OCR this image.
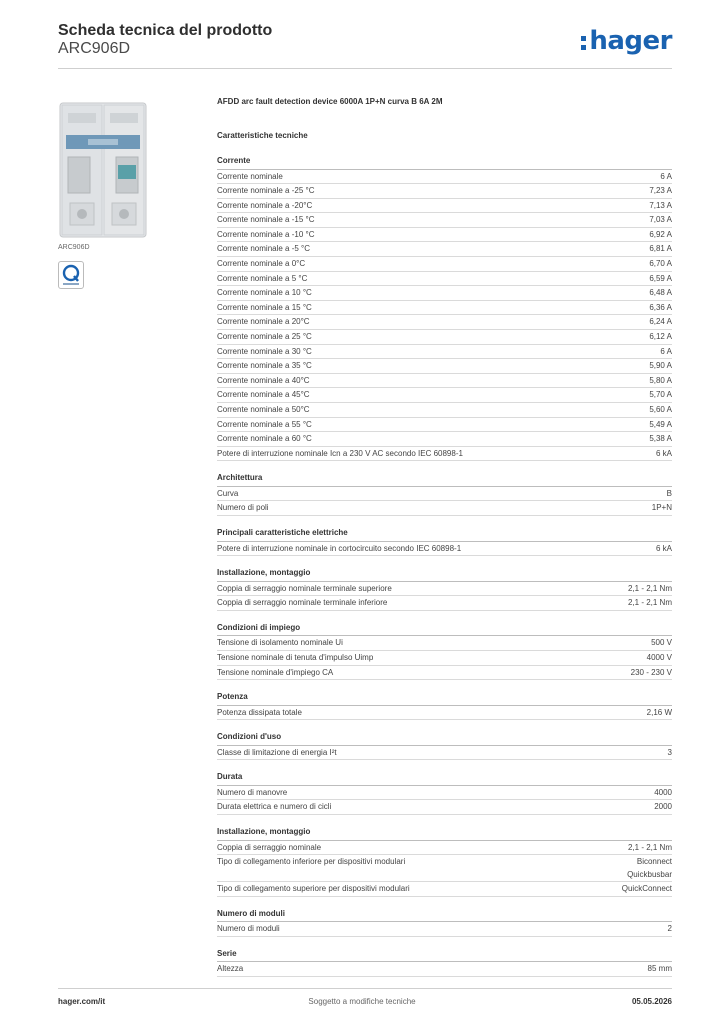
Scheda tecnica del prodotto
ARC906D	hager
ARC906D
AFDD arc fault detection device 6000A 1P+N curva B 6A 2M
Caratteristiche tecniche
Corrente
Corrente nominale	6 A
Corrente nominale a -25 °C	7,23 A
Corrente nominale a -20°C	7,13 A
Corrente nominale a -15 °C	7,03 A
Corrente nominale a -10 °C	6,92 A
Corrente nominale a -5 °C	6,81 A
Corrente nominale a 0°C	6,70 A
Corrente nominale a 5 °C	6,59 A
Corrente nominale a 10 °C	6,48 A
Corrente nominale a 15 °C	6,36 A
Corrente nominale a 20°C	6,24 A
Corrente nominale a 25 °C	6,12 A
Corrente nominale a 30 °C	6 A
Corrente nominale a 35 °C	5,90 A
Corrente nominale a 40°C	5,80 A
Corrente nominale a 45°C	5,70 A
Corrente nominale a 50°C	5,60 A
Corrente nominale a 55 °C	5,49 A
Corrente nominale a 60 °C	5,38 A
Potere di interruzione nominale Icn a 230 V AC secondo IEC 60898-1	6 kA
Architettura
Curva	B
Numero di poli	1P+N
Principali caratteristiche elettriche
Potere di interruzione nominale in cortocircuito secondo IEC 60898-1	6 kA
Installazione, montaggio
Coppia di serraggio nominale terminale superiore	2,1 - 2,1 Nm
Coppia di serraggio nominale terminale inferiore	2,1 - 2,1 Nm
Condizioni di impiego
Tensione di isolamento nominale Ui	500 V
Tensione nominale di tenuta d'impulso Uimp	4000 V
Tensione nominale d'impiego CA	230 - 230 V
Potenza
Potenza dissipata totale	2,16 W
Condizioni d'uso
Classe di limitazione di energia I²t	3
Durata
Numero di manovre	4000
Durata elettrica e numero di cicli	2000
Installazione, montaggio
Coppia di serraggio nominale	2,1 - 2,1 Nm
Tipo di collegamento inferiore per dispositivi modulari	Biconnect
Quickbusbar
Tipo di collegamento superiore per dispositivi modulari	QuickConnect
Numero di moduli
Numero di moduli	2
Serie
Altezza	85 mm
hager.com/it	Soggetto a modifiche tecniche	05.05.2026
